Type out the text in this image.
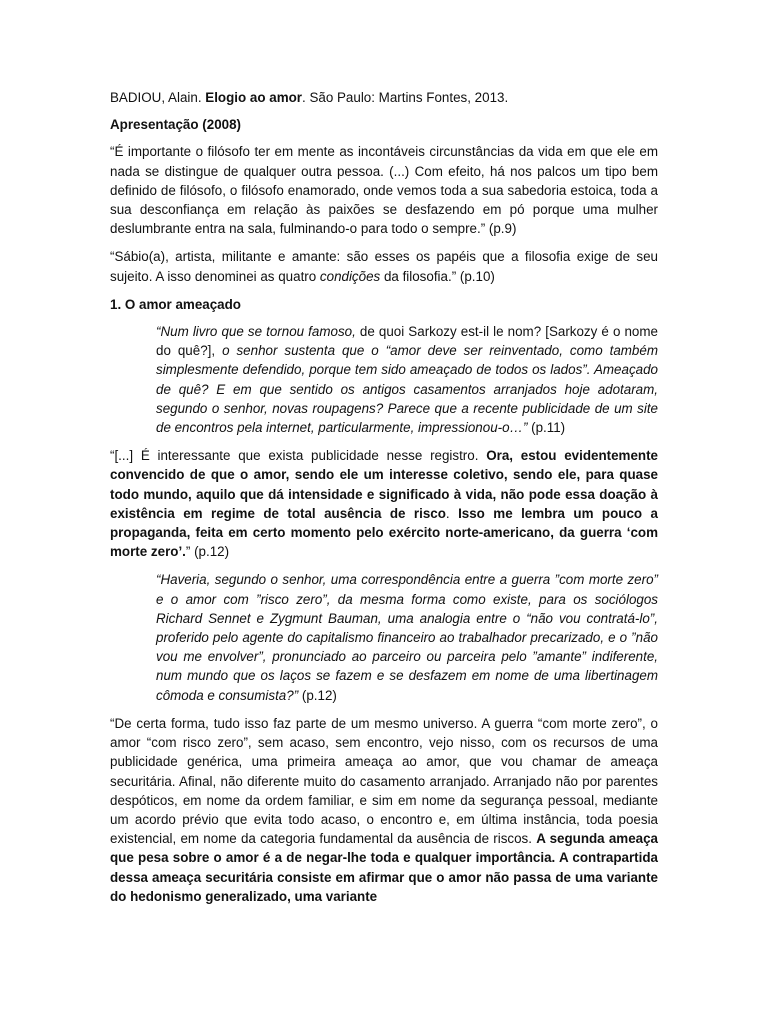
BADIOU, Alain. Elogio ao amor. São Paulo: Martins Fontes, 2013.

Apresentação (2008)

“É importante o filósofo ter em mente as incontáveis circunstâncias da vida em que ele em nada se distingue de qualquer outra pessoa. (...) Com efeito, há nos palcos um tipo bem definido de filósofo, o filósofo enamorado, onde vemos toda a sua sabedoria estoica, toda a sua desconfiança em relação às paixões se desfazendo em pó porque uma mulher deslumbrante entra na sala, fulminando-o para todo o sempre.” (p.9)

“Sábio(a), artista, militante e amante: são esses os papéis que a filosofia exige de seu sujeito. A isso denominei as quatro condições da filosofia.” (p.10)

1. O amor ameaçado

“Num livro que se tornou famoso, de quoi Sarkozy est-il le nom? [Sarkozy é o nome do quê?], o senhor sustenta que o “amor deve ser reinventado, como também simplesmente defendido, porque tem sido ameaçado de todos os lados”. Ameaçado de quê? E em que sentido os antigos casamentos arranjados hoje adotaram, segundo o senhor, novas roupagens? Parece que a recente publicidade de um site de encontros pela internet, particularmente, impressionou-o…” (p.11)

“[...] É interessante que exista publicidade nesse registro. Ora, estou evidentemente convencido de que o amor, sendo ele um interesse coletivo, sendo ele, para quase todo mundo, aquilo que dá intensidade e significado à vida, não pode essa doação à existência em regime de total ausência de risco. Isso me lembra um pouco a propaganda, feita em certo momento pelo exército norte-americano, da guerra ‘com morte zero’.” (p.12)

“Haveria, segundo o senhor, uma correspondência entre a guerra ”com morte zero” e o amor com ”risco zero”, da mesma forma como existe, para os sociólogos Richard Sennet e Zygmunt Bauman, uma analogia entre o “não vou contratá-lo”, proferido pelo agente do capitalismo financeiro ao trabalhador precarizado, e o ”não vou me envolver”, pronunciado ao parceiro ou parceira pelo ”amante” indiferente, num mundo que os laços se fazem e se desfazem em nome de uma libertinagem cômoda e consumista?” (p.12)

“De certa forma, tudo isso faz parte de um mesmo universo. A guerra “com morte zero”, o amor “com risco zero”, sem acaso, sem encontro, vejo nisso, com os recursos de uma publicidade genérica, uma primeira ameaça ao amor, que vou chamar de ameaça securitária. Afinal, não diferente muito do casamento arranjado. Arranjado não por parentes despóticos, em nome da ordem familiar, e sim em nome da segurança pessoal, mediante um acordo prévio que evita todo acaso, o encontro e, em última instância, toda poesia existencial, em nome da categoria fundamental da ausência de riscos. A segunda ameaça que pesa sobre o amor é a de negar-lhe toda e qualquer importância. A contrapartida dessa ameaça securitária consiste em afirmar que o amor não passa de uma variante do hedonismo generalizado, uma variante
